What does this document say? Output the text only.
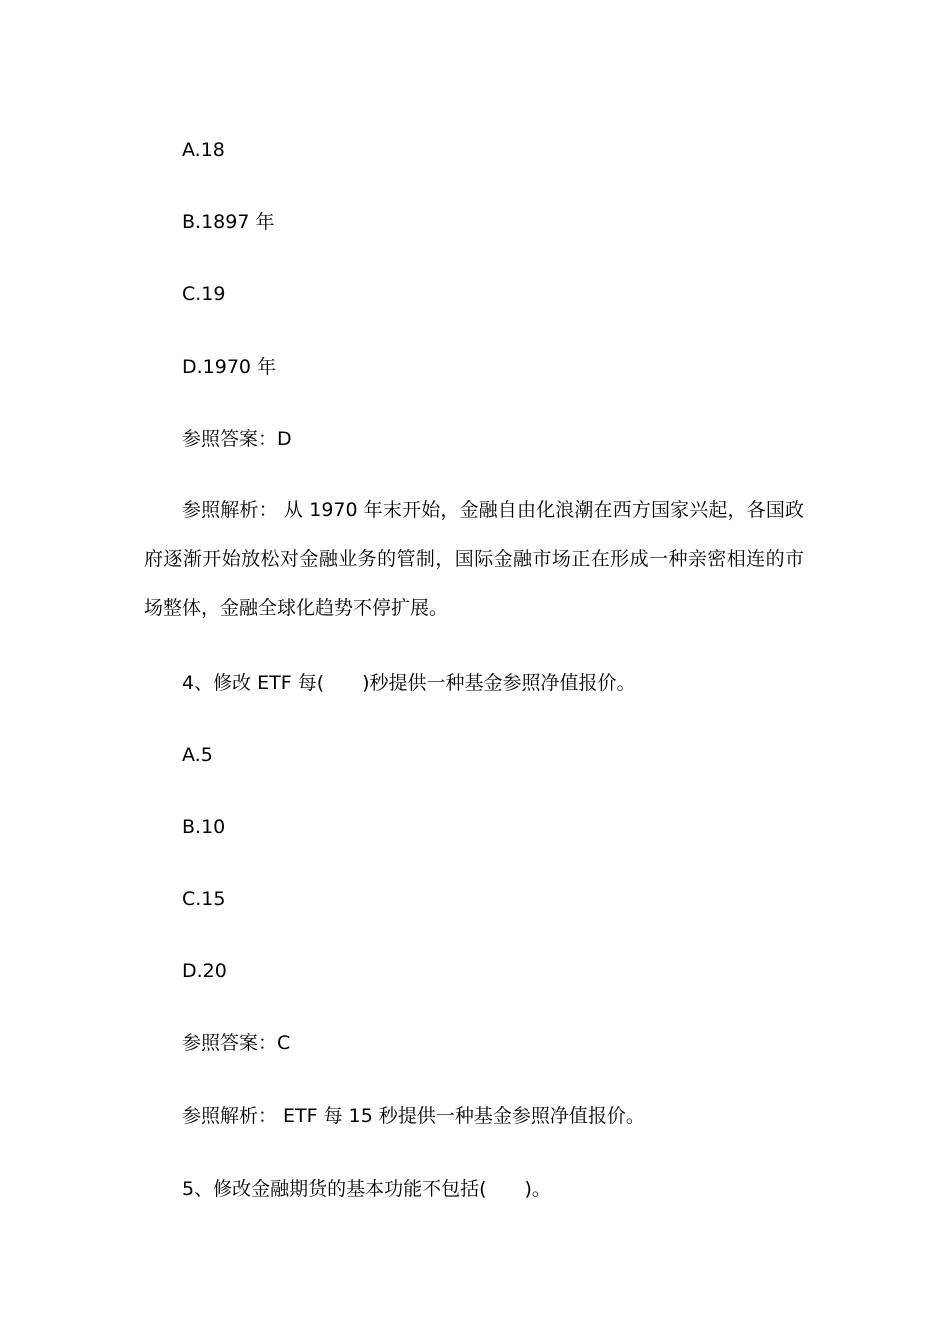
A.18
B.1897 年
C.19
D.1970 年
参照答案：D
参照解析： 从 1970 年末开始，金融自由化浪潮在西方国家兴起，各国政府逐渐开始放松对金融业务的管制，国际金融市场正在形成一种亲密相连的市场整体，金融全球化趋势不停扩展。
4、修改 ETF 每(　　)秒提供一种基金参照净值报价。
A.5
B.10
C.15
D.20
参照答案：C
参照解析： ETF 每 15 秒提供一种基金参照净值报价。
5、修改金融期货的基本功能不包括(　　)。
